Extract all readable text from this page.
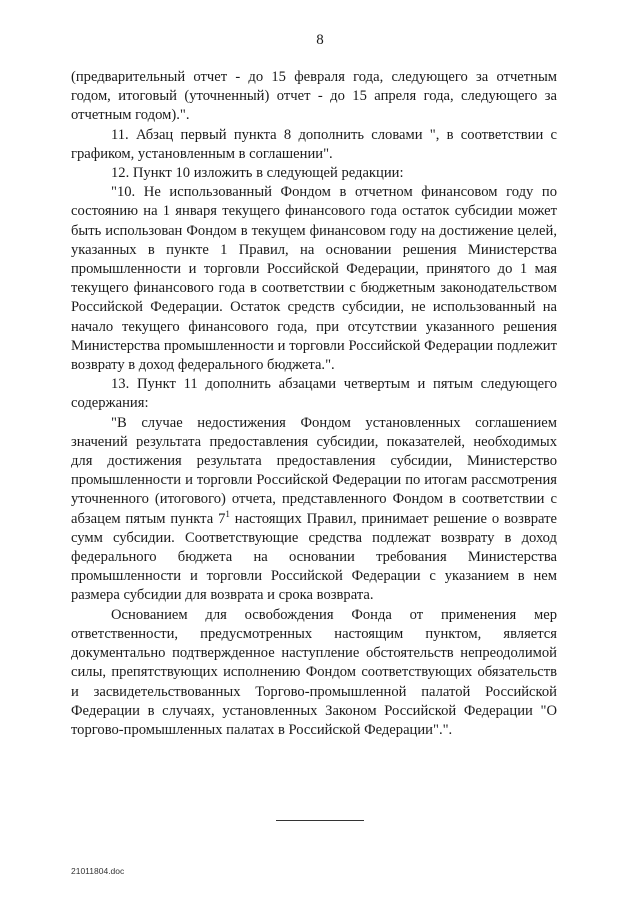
8

(предварительный отчет - до 15 февраля года, следующего за отчетным годом, итоговый (уточненный) отчет - до 15 апреля года, следующего за отчетным годом).".

11. Абзац первый пункта 8 дополнить словами ", в соответствии с графиком, установленным в соглашении".

12. Пункт 10 изложить в следующей редакции:

"10. Не использованный Фондом в отчетном финансовом году по состоянию на 1 января текущего финансового года остаток субсидии может быть использован Фондом в текущем финансовом году на достижение целей, указанных в пункте 1 Правил, на основании решения Министерства промышленности и торговли Российской Федерации, принятого до 1 мая текущего финансового года в соответствии с бюджетным законодательством Российской Федерации. Остаток средств субсидии, не использованный на начало текущего финансового года, при отсутствии указанного решения Министерства промышленности и торговли Российской Федерации подлежит возврату в доход федерального бюджета.".

13. Пункт 11 дополнить абзацами четвертым и пятым следующего содержания:

"В случае недостижения Фондом установленных соглашением значений результата предоставления субсидии, показателей, необходимых для достижения результата предоставления субсидии, Министерство промышленности и торговли Российской Федерации по итогам рассмотрения уточненного (итогового) отчета, представленного Фондом в соответствии с абзацем пятым пункта $7^1$ настоящих Правил, принимает решение о возврате сумм субсидии. Соответствующие средства подлежат возврату в доход федерального бюджета на основании требования Министерства промышленности и торговли Российской Федерации с указанием в нем размера субсидии для возврата и срока возврата.

Основанием для освобождения Фонда от применения мер ответственности, предусмотренных настоящим пунктом, является документально подтвержденное наступление обстоятельств непреодолимой силы, препятствующих исполнению Фондом соответствующих обязательств и засвидетельствованных Торгово-промышленной палатой Российской Федерации в случаях, установленных Законом Российской Федерации "О торгово-промышленных палатах в Российской Федерации".".

21011804.doc
